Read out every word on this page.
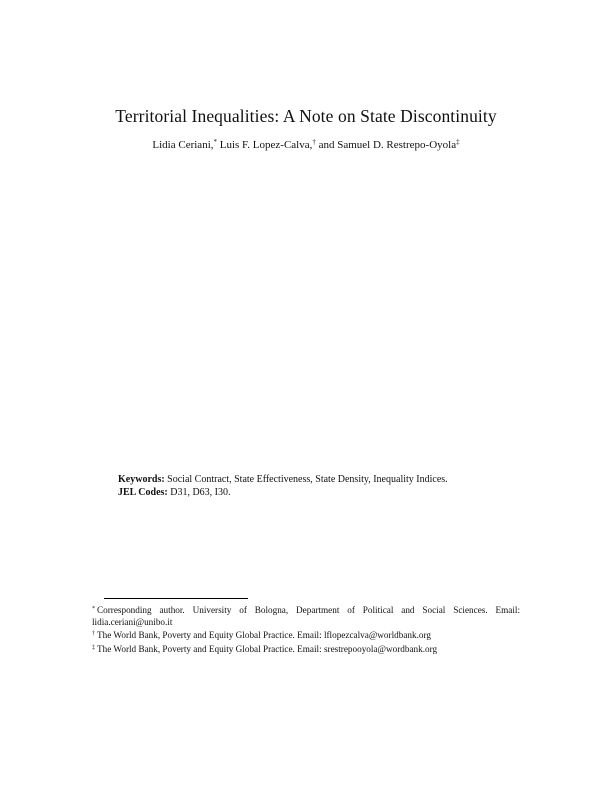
Territorial Inequalities: A Note on State Discontinuity
Lidia Ceriani,* Luis F. Lopez-Calva,† and Samuel D. Restrepo-Oyola‡
Keywords: Social Contract, State Effectiveness, State Density, Inequality Indices.
JEL Codes: D31, D63, I30.

* Corresponding author. University of Bologna, Department of Political and Social Sciences. Email: lidia.ceriani@unibo.it

† The World Bank, Poverty and Equity Global Practice. Email: lflopezcalva@worldbank.org

‡ The World Bank, Poverty and Equity Global Practice. Email: srestrepooyola@wordbank.org
